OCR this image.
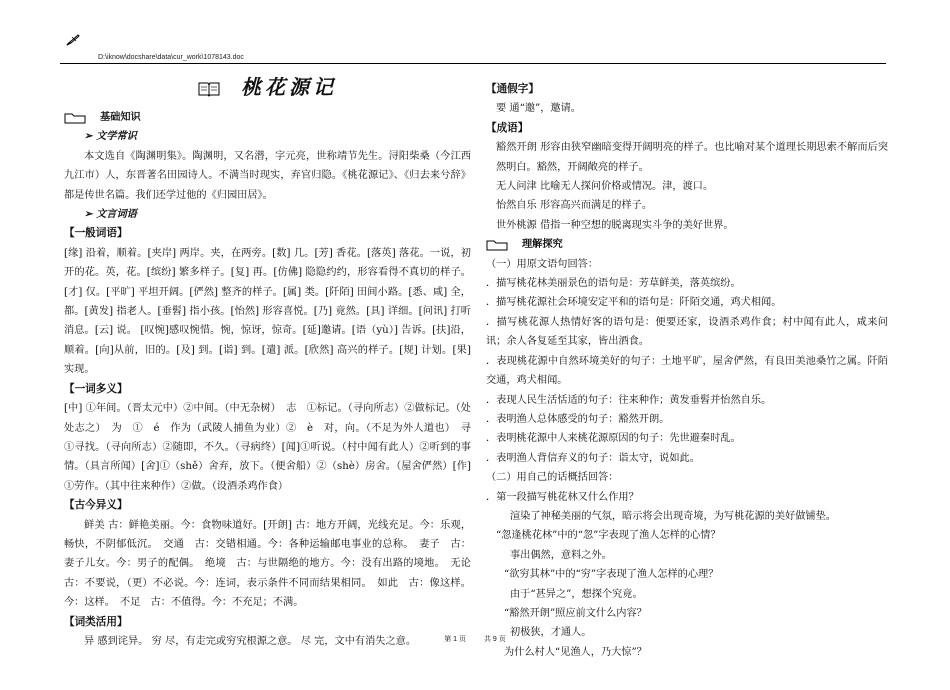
D:\iknow\docshare\data\cur_work\1078143.doc
桃花源记
基础知识
➢ 文学常识

本文选自《陶渊明集》。陶渊明，又名潜，字元亮，世称靖节先生。浔阳柴桑（今江西九江市）人，东晋著名田园诗人。不满当时现实，弃官归隐。《桃花源记》、《归去来兮辞》都是传世名篇。我们还学过他的《归园田居》。

➢ 文言词语
【一般词语】

[缘] 沿着，顺着。[夹岸] 两岸。夹，在两旁。[数] 几。[芳] 香花。[落英] 落花。一说，初开的花。英，花。[缤纷] 繁多样子。[复] 再。[仿佛] 隐隐约约，形容看得不真切的样子。[才] 仅。[平旷] 平坦开阔。[俨然] 整齐的样子。[属] 类。[阡陌] 田间小路。[悉、咸] 全，都。[黄发] 指老人。[垂髫] 指小孩。[怡然] 形容喜悦。[乃] 竟然。[具] 详细。[问讯] 打听消息。[云] 说。 [叹惋]感叹惋惜。惋，惊讶，惊奇。[延]邀请。[语（yù）] 告诉。[扶]沿，顺着。[向]从前，旧的。[及] 到。[诣] 到。[遣] 派。[欣然] 高兴的样子。[规] 计划。[果] 实现。

【一词多义】

[中] ①年间。（晋太元中）②中间。（中无杂树）　志　①标记。（寻向所志）②做标记。（处处志之）　为　①　é　作为（武陵人捕鱼为业）②　è　对，向。（不足为外人道也）　寻　①寻找。（寻向所志）②随即，不久。（寻病终）[闻]①听说。（村中闻有此人）②听到的事情。（具言所闻）[舍]①（shě）舍弃，放下。（便舍船）②（shè）房舍。（屋舍俨然）[作] ①劳作。（其中往来种作）②做。（设酒杀鸡作食）

【古今异义】

鲜美 古：鲜艳美丽。今：食物味道好。[开朗] 古：地方开阔，光线充足。今：乐观，畅快，不阴郁低沉。　交通　古：交错相通。今：各种运输邮电事业的总称。　妻子　古：妻子儿女。今：男子的配偶。　绝境　古：与世隔绝的地方。今：没有出路的境地。　无论　古：不要说，（更）不必说。今：连词，表示条件不同而结果相同。　如此　古：像这样。今：这样。　不足　古：不值得。今：不充足；不满。

【词类活用】

异 感到诧异。 穷 尽，有走完或穷究根源之意。 尽 完，文中有消失之意。

【通假字】

要 通“邀”，邀请。

【成语】

豁然开朗 形容由狭窄幽暗变得开阔明亮的样子。也比喻对某个道理长期思索不解而后突然明白。豁然，开阔敞亮的样子。

无人问津 比喻无人探问价格或情况。津，渡口。

怡然自乐 形容高兴而满足的样子。

世外桃源 借指一种空想的脱离现实斗争的美好世界。

理解探究

（一）用原文语句回答：

．描写桃花林美丽景色的语句是：芳草鲜美，落英缤纷。

．描写桃花源社会环境安定平和的语句是：阡陌交通，鸡犬相闻。

．描写桃花源人热情好客的语句是：便要还家，设酒杀鸡作食；村中闻有此人，咸来问讯；余人各复延至其家，皆出酒食。

．表现桃花源中自然环境美好的句子：土地平旷，屋舍俨然，有良田美池桑竹之属。阡陌交通，鸡犬相闻。

．表现人民生活恬适的句子：往来种作；黄发垂髫并怡然自乐。

．表明渔人总体感受的句子：豁然开朗。

．表明桃花源中人来桃花源原因的句子：先世避秦时乱。

．表明渔人背信弃义的句子：诣太守，说如此。

（二）用自己的话概括回答：

．第一段描写桃花林又什么作用？

渲染了神秘美丽的气氛，暗示将会出现奇境，为写桃花源的美好做铺垫。

“忽逢桃花林”中的“忽”字表现了渔人怎样的心情？

事出偶然，意料之外。

“欲穷其林”中的“穷”字表现了渔人怎样的心理？

由于“甚异之”，想探个究竟。

“豁然开朗”照应前文什么内容？

初极狭，才通人。

为什么村人“见渔人，乃大惊”？

第 1 页	共 9 页
